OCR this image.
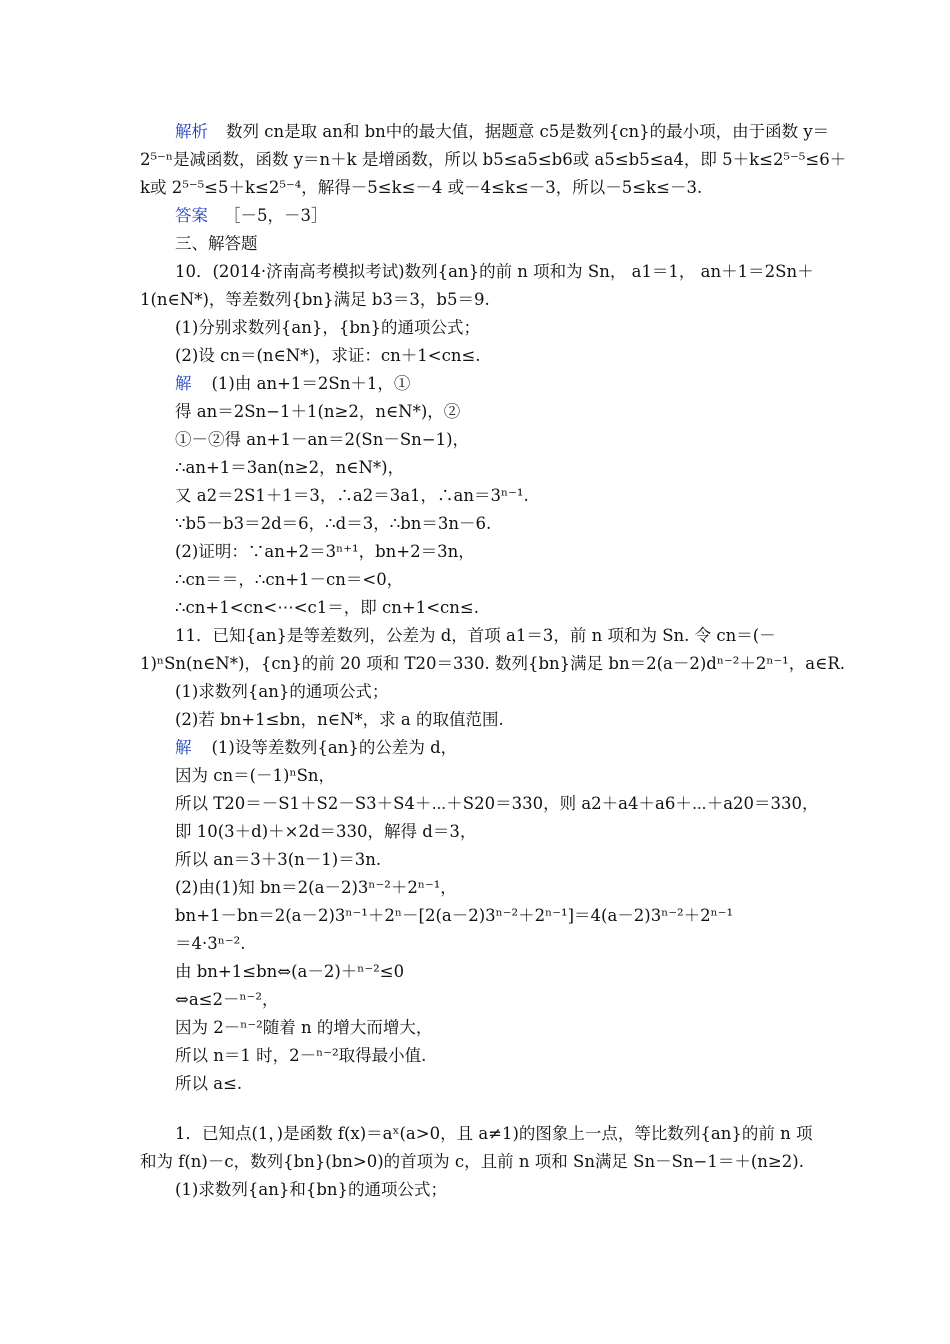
解析 数列 cn是取 an和 bn中的最大值，据题意 c5是数列{cn}的最小项，由于函数 y＝
2⁵⁻ⁿ是减函数，函数 y＝n＋k 是增函数，所以 b5≤a5≤b6或 a5≤b5≤a4，即 5＋k≤2⁵⁻⁵≤6＋
k或 2⁵⁻⁵≤5＋k≤2⁵⁻⁴，解得－5≤k≤－4 或－4≤k≤－3，所以－5≤k≤－3.
答案 ［－5，－3］
三、解答题
10．(2014·济南高考模拟考试)数列{an}的前 n 项和为 Sn， a1＝1， an＋1＝2Sn＋
1(n∈N*)，等差数列{bn}满足 b3＝3，b5＝9.
(1)分别求数列{an}，{bn}的通项公式；
(2)设 cn＝(n∈N*)，求证：cn＋1<cn≤.
解 (1)由 an+1＝2Sn＋1，①
得 an＝2Sn−1＋1(n≥2，n∈N*)，②
①－②得 an+1－an＝2(Sn－Sn−1)，
∴an+1＝3an(n≥2，n∈N*)，
又 a2＝2S1＋1＝3，∴a2＝3a1，∴an＝3ⁿ⁻¹.
∵b5－b3＝2d＝6，∴d＝3，∴bn＝3n－6.
(2)证明：∵an+2＝3ⁿ⁺¹，bn+2＝3n，
∴cn＝＝，∴cn+1－cn＝<0，
∴cn+1<cn<⋯<c1＝，即 cn+1<cn≤.
11．已知{an}是等差数列，公差为 d，首项 a1＝3，前 n 项和为 Sn. 令 cn＝(－
1)ⁿSn(n∈N*)，{cn}的前 20 项和 T20＝330. 数列{bn}满足 bn＝2(a－2)dⁿ⁻²＋2ⁿ⁻¹，a∈R.
(1)求数列{an}的通项公式；
(2)若 bn+1≤bn，n∈N*，求 a 的取值范围.
解 (1)设等差数列{an}的公差为 d，
因为 cn＝(－1)ⁿSn，
所以 T20＝－S1＋S2－S3＋S4＋⋯＋S20＝330，则 a2＋a4＋a6＋⋯＋a20＝330，
即 10(3＋d)＋×2d＝330，解得 d＝3，
所以 an＝3＋3(n－1)＝3n.
(2)由(1)知 bn＝2(a－2)3ⁿ⁻²＋2ⁿ⁻¹，
bn+1－bn＝2(a－2)3ⁿ⁻¹＋2ⁿ－[2(a－2)3ⁿ⁻²＋2ⁿ⁻¹]＝4(a－2)3ⁿ⁻²＋2ⁿ⁻¹
＝4·3ⁿ⁻².
由 bn+1≤bn⇔(a－2)＋ⁿ⁻²≤0
⇔a≤2－ⁿ⁻²，
因为 2－ⁿ⁻²随着 n 的增大而增大，
所以 n＝1 时，2－ⁿ⁻²取得最小值.
所以 a≤.
1．已知点(1，)是函数 f(x)＝aˣ(a>0，且 a≠1)的图象上一点，等比数列{an}的前 n 项
和为 f(n)－c，数列{bn}(bn>0)的首项为 c，且前 n 项和 Sn满足 Sn－Sn−1＝＋(n≥2).
(1)求数列{an}和{bn}的通项公式；
